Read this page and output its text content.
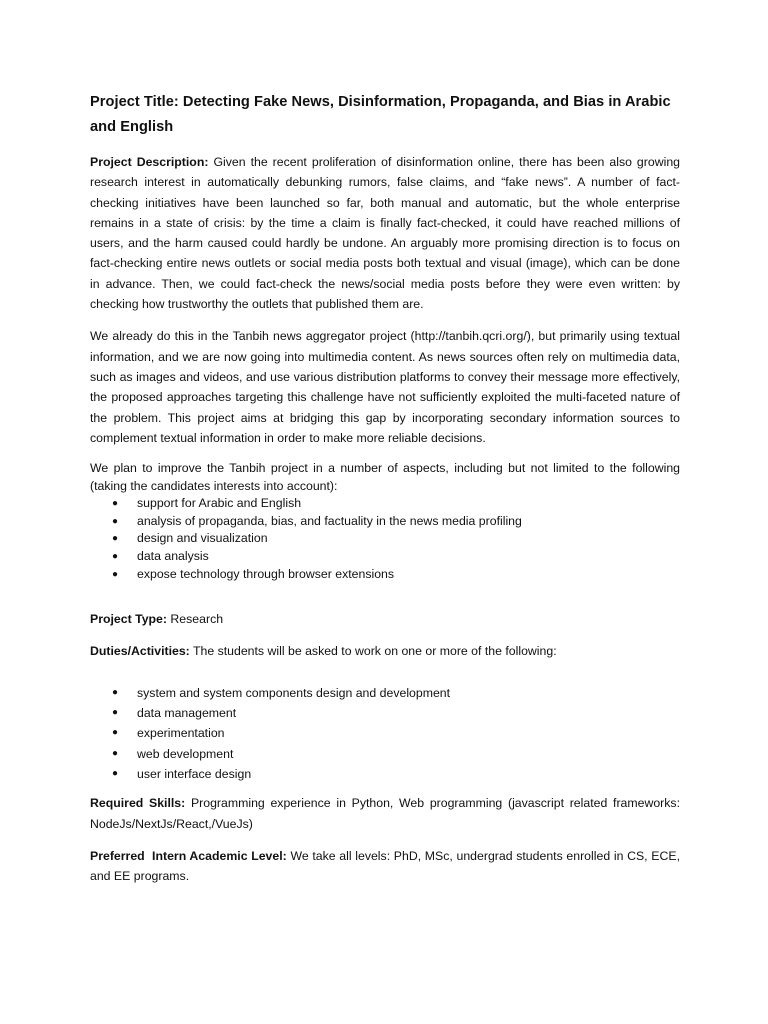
Project Title: Detecting Fake News, Disinformation, Propaganda, and Bias in Arabic and English

Project Description: Given the recent proliferation of disinformation online, there has been also growing research interest in automatically debunking rumors, false claims, and “fake news”. A number of fact-checking initiatives have been launched so far, both manual and automatic, but the whole enterprise remains in a state of crisis: by the time a claim is finally fact-checked, it could have reached millions of users, and the harm caused could hardly be undone. An arguably more promising direction is to focus on fact-checking entire news outlets or social media posts both textual and visual (image), which can be done in advance. Then, we could fact-check the news/social media posts before they were even written: by checking how trustworthy the outlets that published them are.

We already do this in the Tanbih news aggregator project (http://tanbih.qcri.org/), but primarily using textual information, and we are now going into multimedia content. As news sources often rely on multimedia data, such as images and videos, and use various distribution platforms to convey their message more effectively, the proposed approaches targeting this challenge have not sufficiently exploited the multi-faceted nature of the problem. This project aims at bridging this gap by incorporating secondary information sources to complement textual information in order to make more reliable decisions.

We plan to improve the Tanbih project in a number of aspects, including but not limited to the following (taking the candidates interests into account):

● support for Arabic and English
● analysis of propaganda, bias, and factuality in the news media profiling
● design and visualization
● data analysis
● expose technology through browser extensions

Project Type: Research

Duties/Activities: The students will be asked to work on one or more of the following:

● system and system components design and development
● data management
● experimentation
● web development
● user interface design

Required Skills: Programming experience in Python, Web programming (javascript related frameworks: NodeJs/NextJs/React,/VueJs)

Preferred  Intern Academic Level: We take all levels: PhD, MSc, undergrad students enrolled in CS, ECE, and EE programs.
